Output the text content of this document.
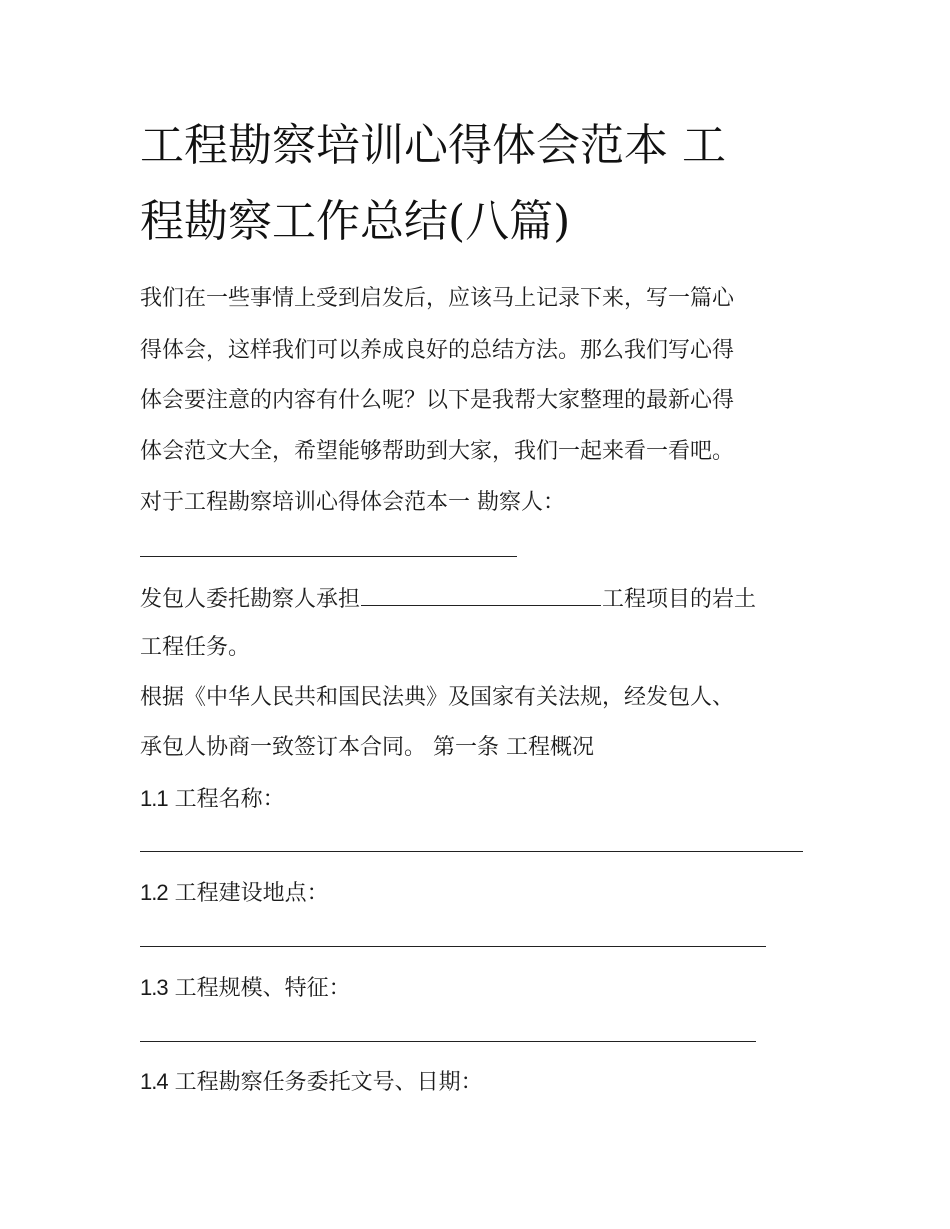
工程勘察培训心得体会范本 工
程勘察工作总结(八篇)
我们在一些事情上受到启发后，应该马上记录下来，写一篇心
得体会，这样我们可以养成良好的总结方法。那么我们写心得
体会要注意的内容有什么呢？以下是我帮大家整理的最新心得
体会范文大全，希望能够帮助到大家，我们一起来看一看吧。
对于工程勘察培训心得体会范本一 勘察人：
发包人委托勘察人承担	工程项目的岩土
工程任务。
根据《中华人民共和国民法典》及国家有关法规，经发包人、
承包人协商一致签订本合同。 第一条 工程概况
1.1 工程名称：
1.2 工程建设地点：
1.3 工程规模、特征：
1.4 工程勘察任务委托文号、日期：
